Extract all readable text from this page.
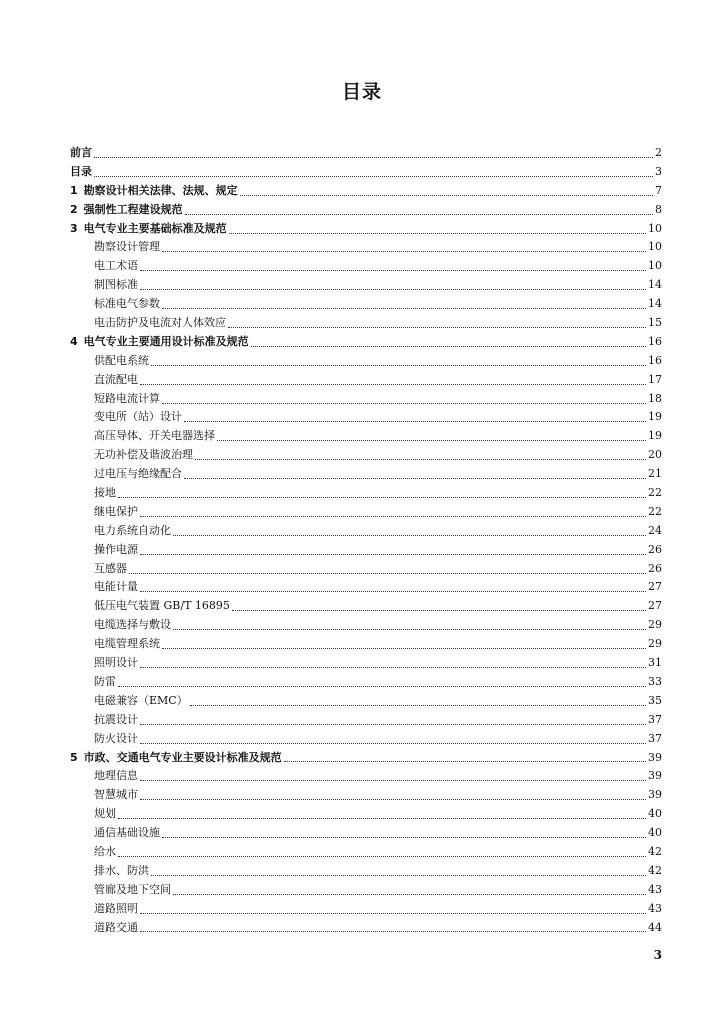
目录
前言	2
目录	3
1 勘察设计相关法律、法规、规定	7
2 强制性工程建设规范	8
3 电气专业主要基础标准及规范	10
勘察设计管理	10
电工术语	10
制图标准	14
标准电气参数	14
电击防护及电流对人体效应	15
4 电气专业主要通用设计标准及规范	16
供配电系统	16
直流配电	17
短路电流计算	18
变电所（站）设计	19
高压导体、开关电器选择	19
无功补偿及谐波治理	20
过电压与绝缘配合	21
接地	22
继电保护	22
电力系统自动化	24
操作电源	26
互感器	26
电能计量	27
低压电气装置 GB/T 16895	27
电缆选择与敷设	29
电缆管理系统	29
照明设计	31
防雷	33
电磁兼容（EMC）	35
抗震设计	37
防火设计	37
5 市政、交通电气专业主要设计标准及规范	39
地理信息	39
智慧城市	39
规划	40
通信基础设施	40
给水	42
排水、防洪	42
管廊及地下空间	43
道路照明	43
道路交通	44
3
